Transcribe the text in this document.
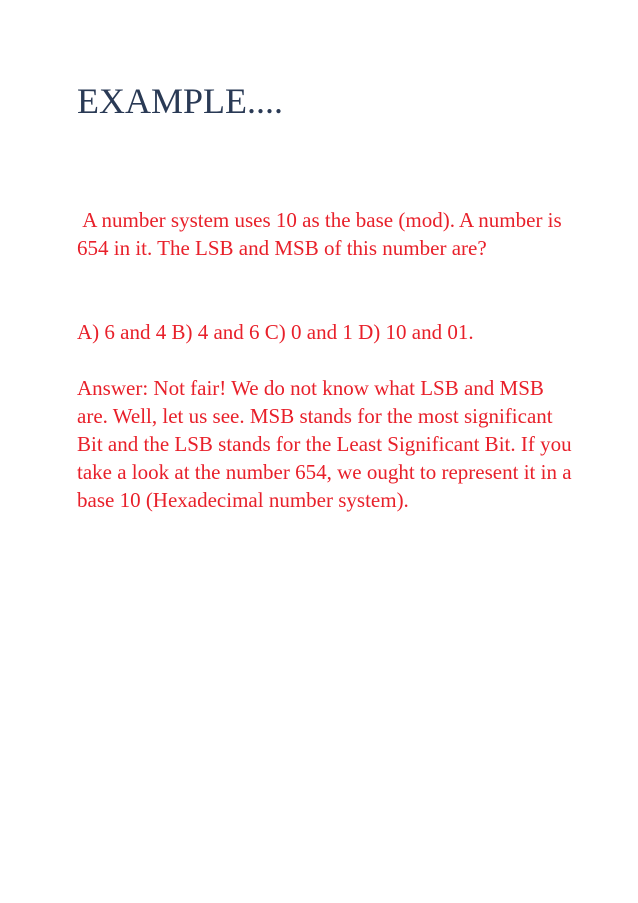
EXAMPLE....

A number system uses 10 as the base (mod). A number is 654 in it. The LSB and MSB of this number are?

A) 6 and 4 B) 4 and 6 C) 0 and 1 D) 10 and 01.

Answer: Not fair! We do not know what LSB and MSB are. Well, let us see. MSB stands for the most significant Bit and the LSB stands for the Least Significant Bit. If you take a look at the number 654, we ought to represent it in a base 10 (Hexadecimal number system).
